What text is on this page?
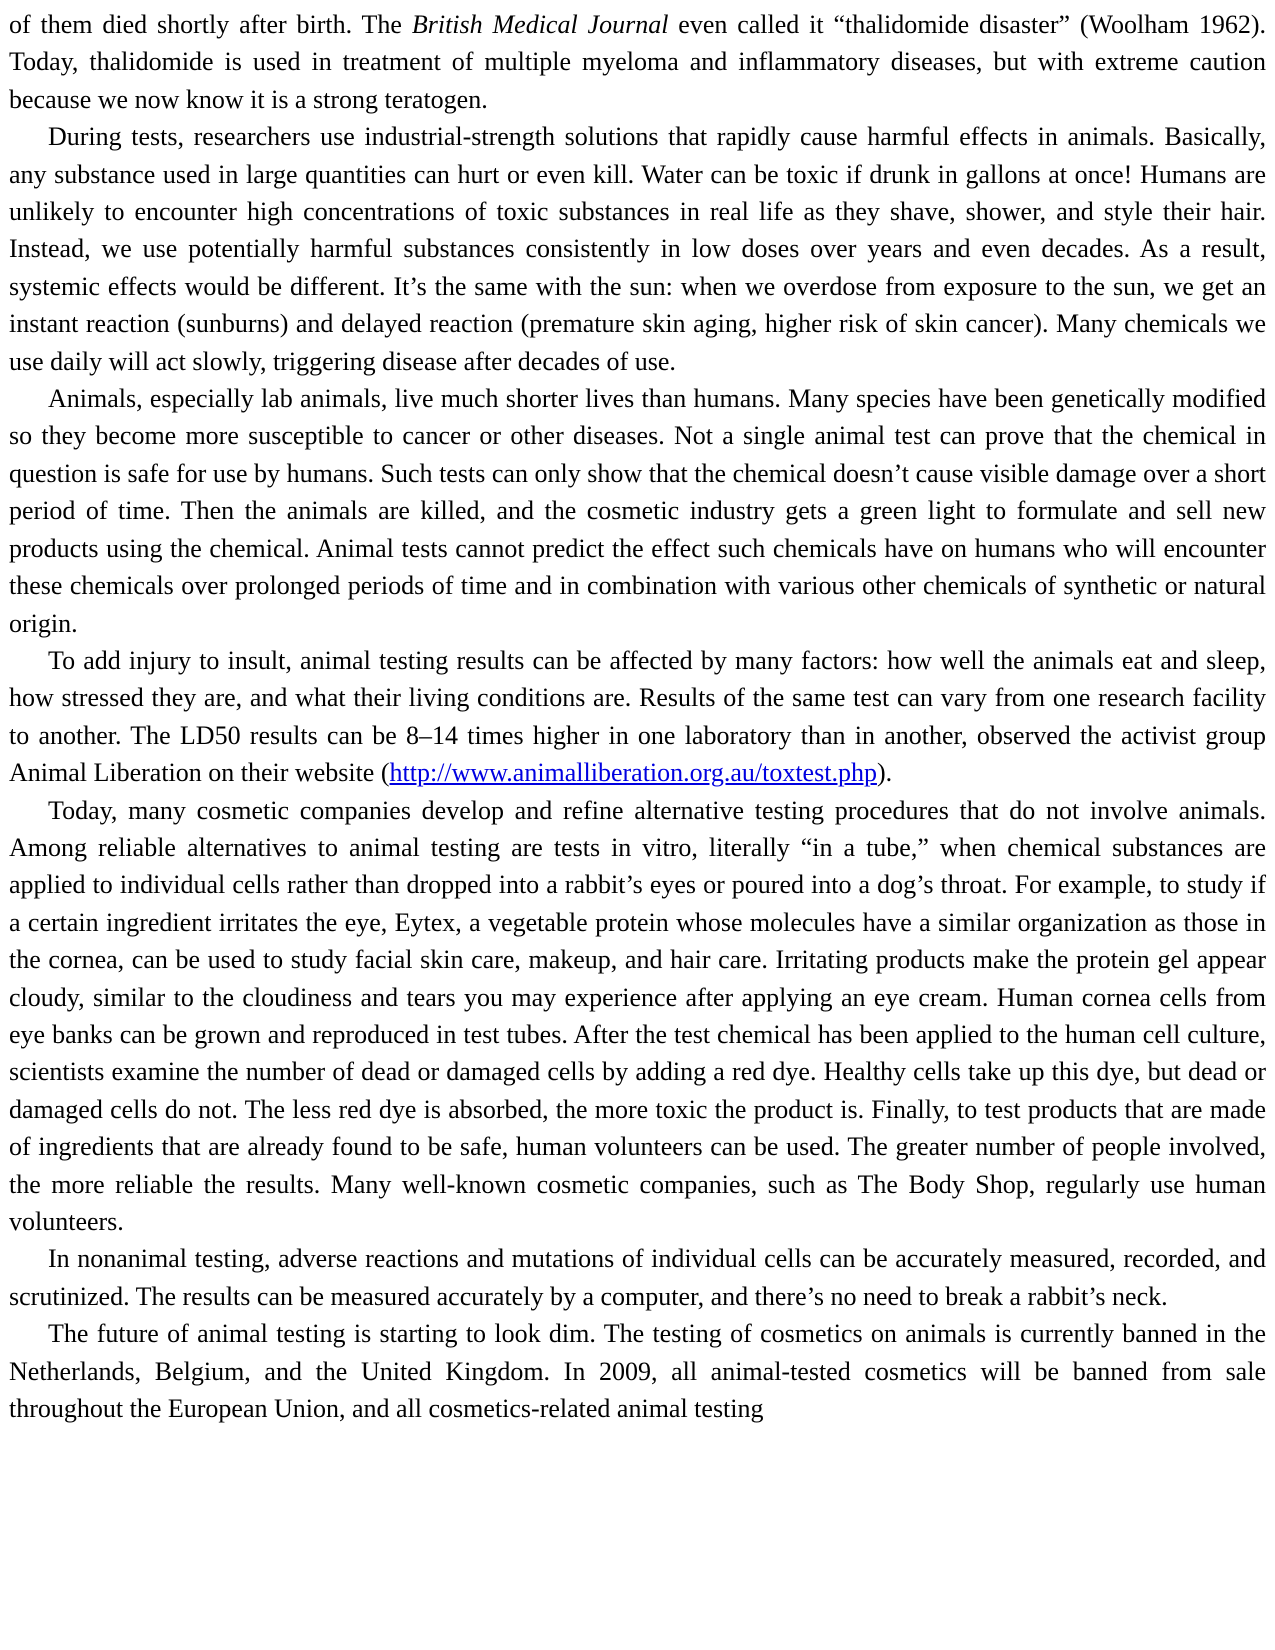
of them died shortly after birth. The British Medical Journal even called it “thalidomide disaster” (Woolham 1962). Today, thalidomide is used in treatment of multiple myeloma and inflammatory diseases, but with extreme caution because we now know it is a strong teratogen.

During tests, researchers use industrial-strength solutions that rapidly cause harmful effects in animals. Basically, any substance used in large quantities can hurt or even kill. Water can be toxic if drunk in gallons at once! Humans are unlikely to encounter high concentrations of toxic substances in real life as they shave, shower, and style their hair. Instead, we use potentially harmful substances consistently in low doses over years and even decades. As a result, systemic effects would be different. It’s the same with the sun: when we overdose from exposure to the sun, we get an instant reaction (sunburns) and delayed reaction (premature skin aging, higher risk of skin cancer). Many chemicals we use daily will act slowly, triggering disease after decades of use.

Animals, especially lab animals, live much shorter lives than humans. Many species have been genetically modified so they become more susceptible to cancer or other diseases. Not a single animal test can prove that the chemical in question is safe for use by humans. Such tests can only show that the chemical doesn’t cause visible damage over a short period of time. Then the animals are killed, and the cosmetic industry gets a green light to formulate and sell new products using the chemical. Animal tests cannot predict the effect such chemicals have on humans who will encounter these chemicals over prolonged periods of time and in combination with various other chemicals of synthetic or natural origin.

To add injury to insult, animal testing results can be affected by many factors: how well the animals eat and sleep, how stressed they are, and what their living conditions are. Results of the same test can vary from one research facility to another. The LD50 results can be 8–14 times higher in one laboratory than in another, observed the activist group Animal Liberation on their website (http://www.animalliberation.org.au/toxtest.php).

Today, many cosmetic companies develop and refine alternative testing procedures that do not involve animals. Among reliable alternatives to animal testing are tests in vitro, literally “in a tube,” when chemical substances are applied to individual cells rather than dropped into a rabbit’s eyes or poured into a dog’s throat. For example, to study if a certain ingredient irritates the eye, Eytex, a vegetable protein whose molecules have a similar organization as those in the cornea, can be used to study facial skin care, makeup, and hair care. Irritating products make the protein gel appear cloudy, similar to the cloudiness and tears you may experience after applying an eye cream. Human cornea cells from eye banks can be grown and reproduced in test tubes. After the test chemical has been applied to the human cell culture, scientists examine the number of dead or damaged cells by adding a red dye. Healthy cells take up this dye, but dead or damaged cells do not. The less red dye is absorbed, the more toxic the product is. Finally, to test products that are made of ingredients that are already found to be safe, human volunteers can be used. The greater number of people involved, the more reliable the results. Many well-known cosmetic companies, such as The Body Shop, regularly use human volunteers.

In nonanimal testing, adverse reactions and mutations of individual cells can be accurately measured, recorded, and scrutinized. The results can be measured accurately by a computer, and there’s no need to break a rabbit’s neck.

The future of animal testing is starting to look dim. The testing of cosmetics on animals is currently banned in the Netherlands, Belgium, and the United Kingdom. In 2009, all animal-tested cosmetics will be banned from sale throughout the European Union, and all cosmetics-related animal testing
